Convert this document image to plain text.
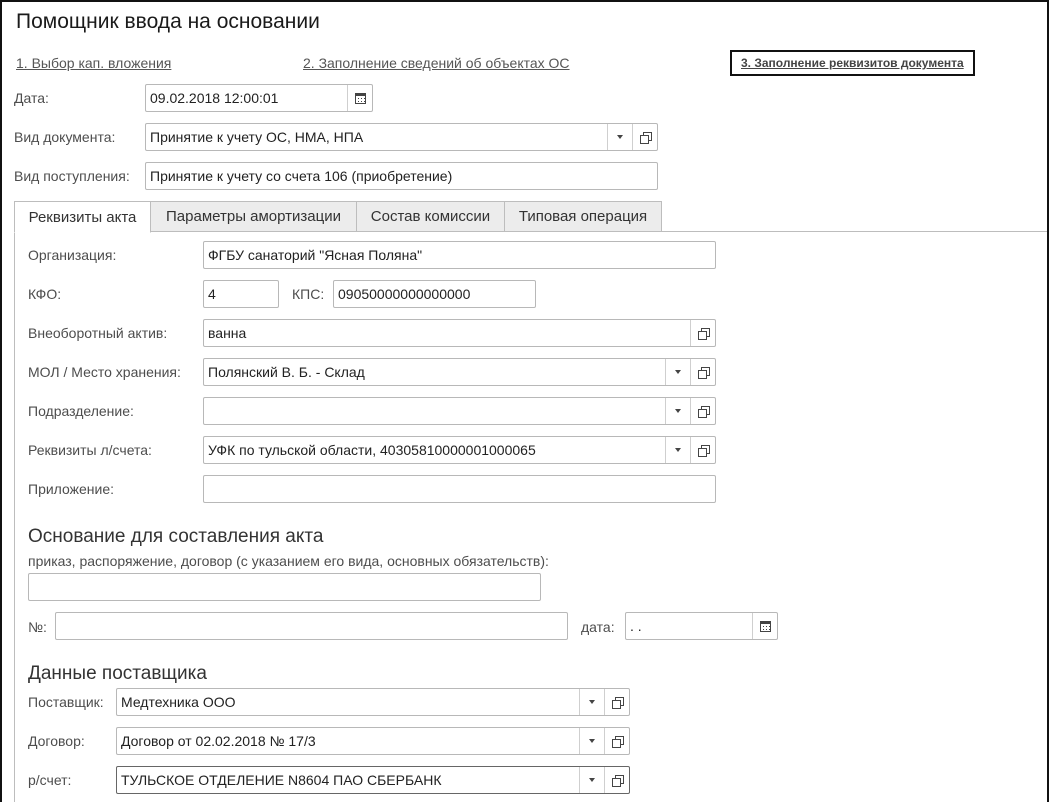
Помощник ввода на основании
1. Выбор кап. вложения	2. Заполнение сведений об объектах ОС	3. Заполнение реквизитов документа
Дата:	09.02.2018 12:00:01
Вид документа: Принятие к учету ОС, НМА, НПА
Вид поступления: Принятие к учету со счета 106 (приобретение)
Реквизиты акта	Параметры амортизации	Состав комиссии	Типовая операция
Организация:	ФГБУ санаторий "Ясная Поляна"
КФО:	4	КПС: 09050000000000000
Внеоборотный актив:	ванна
МОЛ / Место хранения: Полянский В. Б. - Склад
Подразделение:
Реквизиты л/счета:	УФК по тульской области, 40305810000001000065
Приложение:
Основание для составления акта
приказ, распоряжение, договор (с указанием его вида, основных обязательств):
№:	дата: . .
Данные поставщика
Поставщик: Медтехника ООО
Договор:	Договор от 02.02.2018 № 17/3
р/счет:	ТУЛЬСКОЕ ОТДЕЛЕНИЕ N8604 ПАО СБЕРБАНК
